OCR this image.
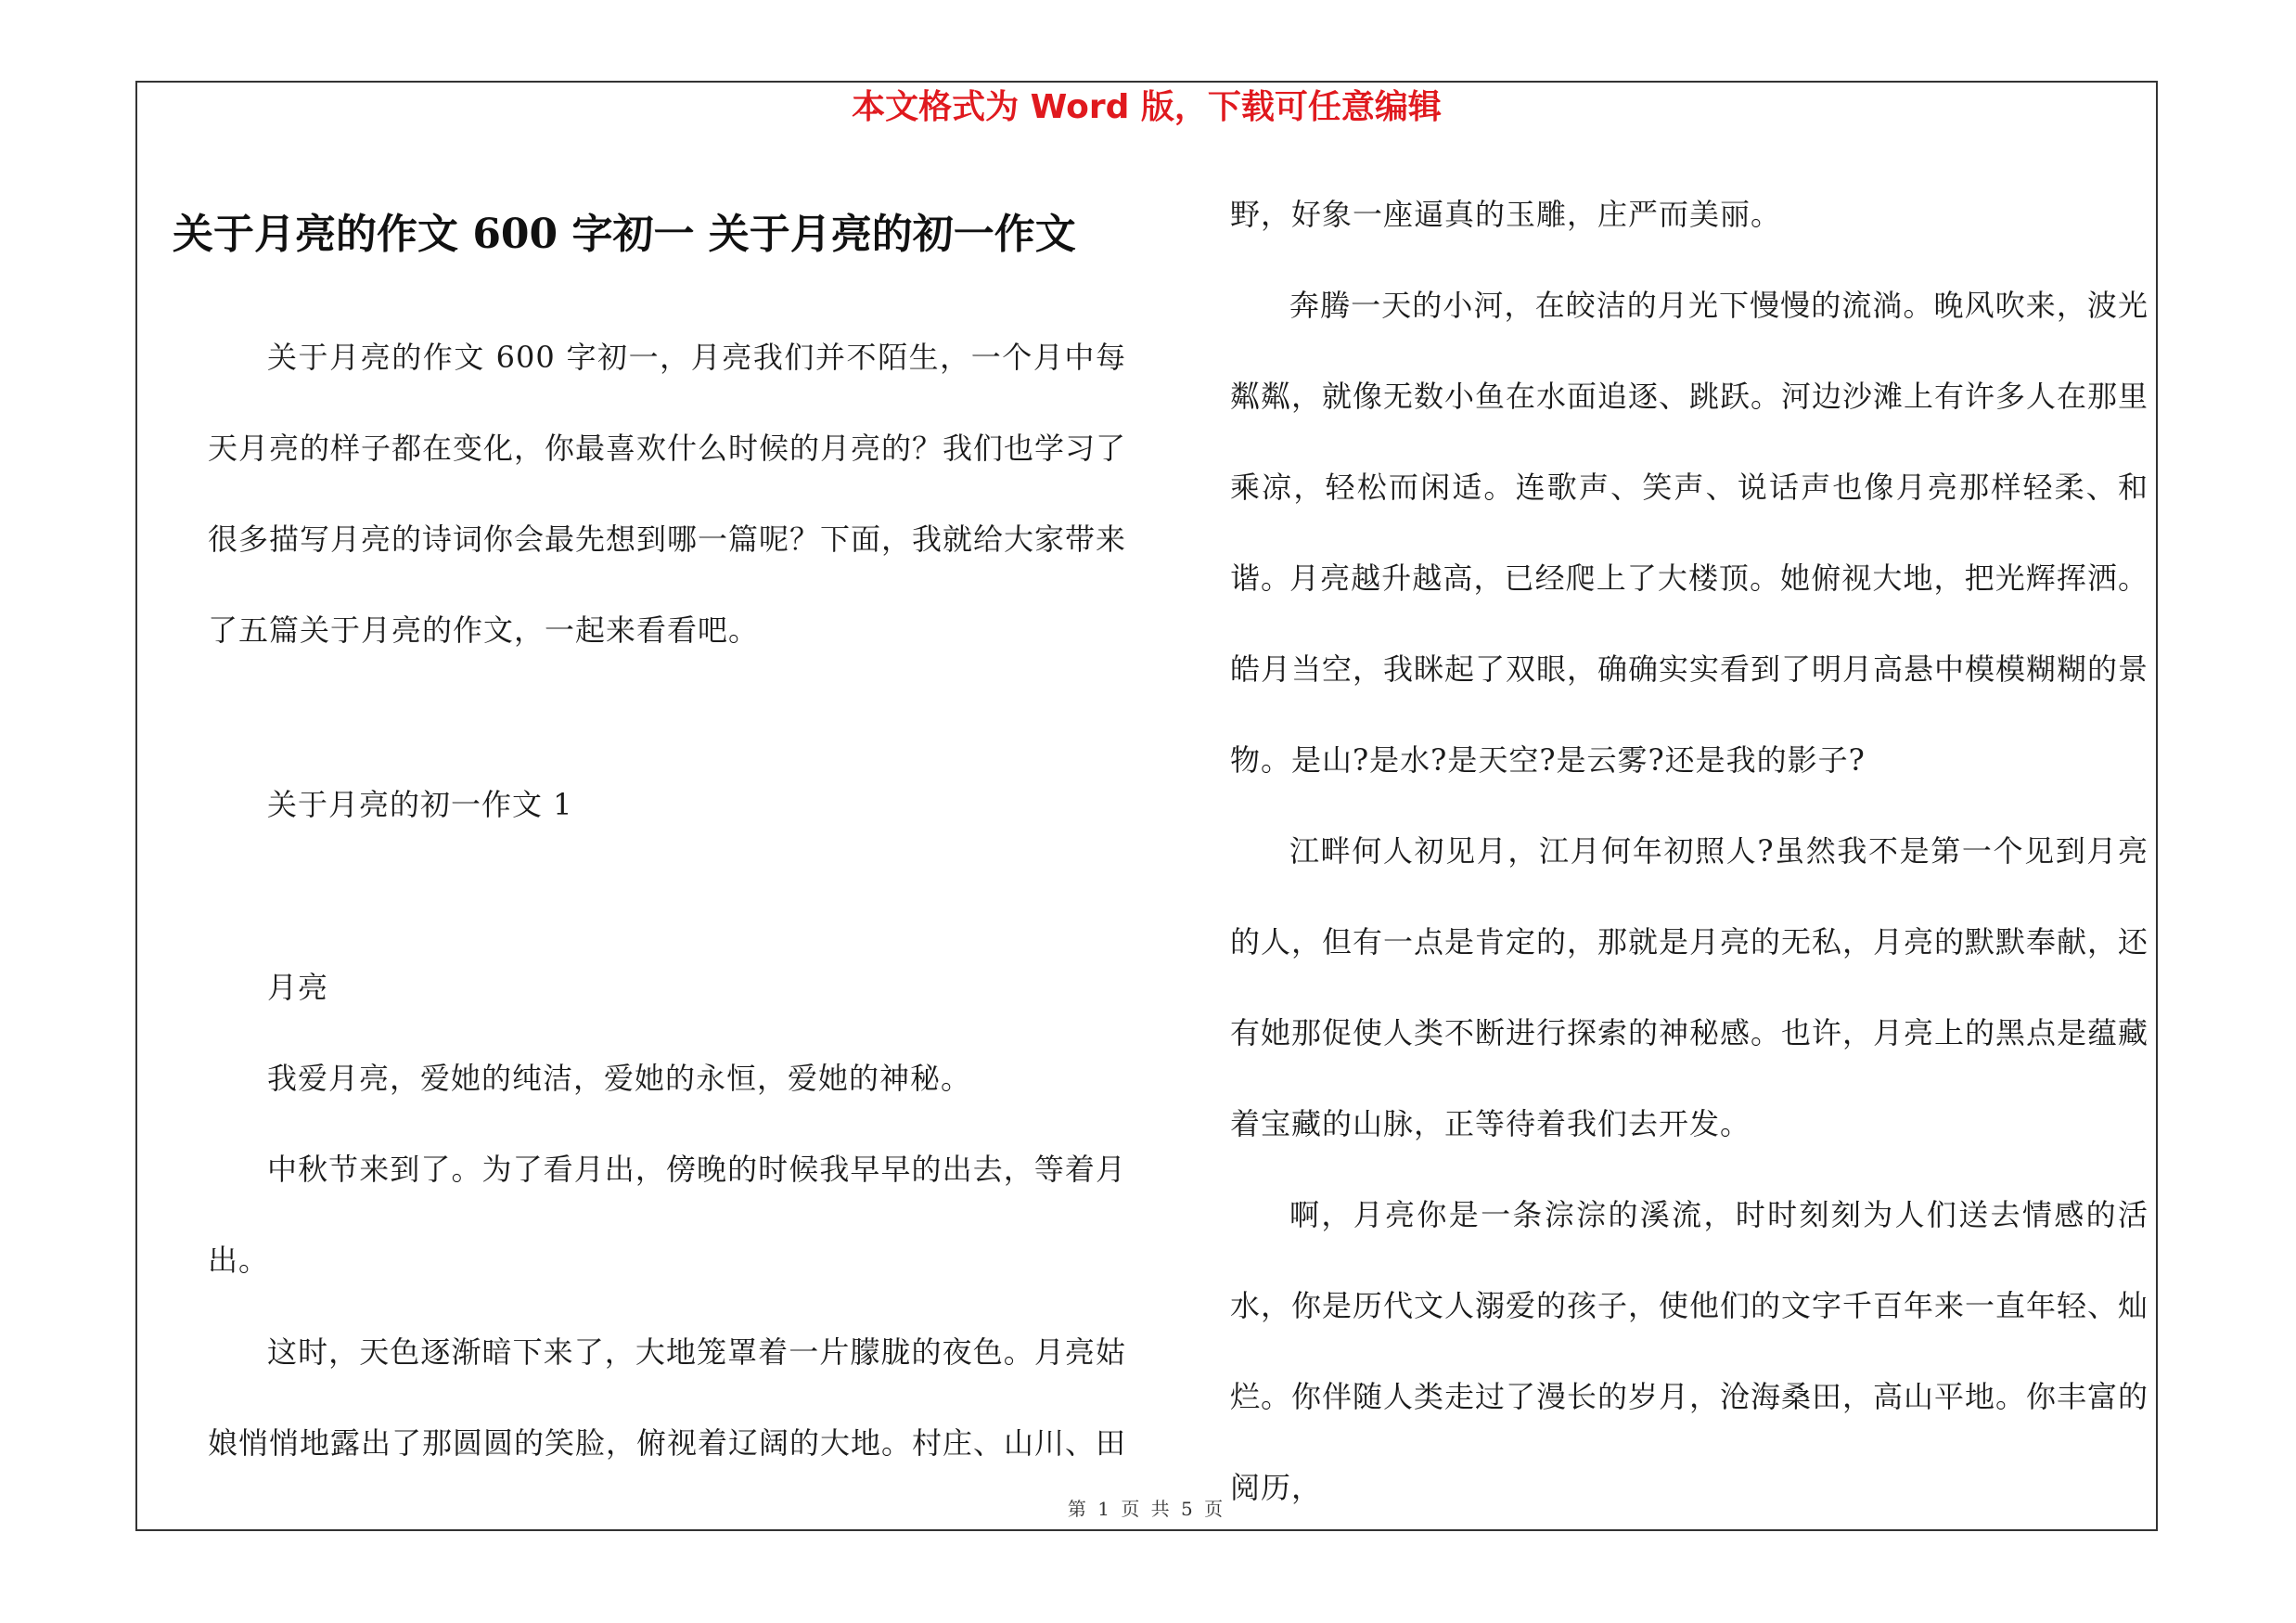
本文格式为 Word 版，下载可任意编辑
关于月亮的作文 600 字初一 关于月亮的初一作文

关于月亮的作文 600 字初一，月亮我们并不陌生，一个月中每天月亮的样子都在变化，你最喜欢什么时候的月亮的？我们也学习了很多描写月亮的诗词你会最先想到哪一篇呢？下面，我就给大家带来了五篇关于月亮的作文，一起来看看吧。

关于月亮的初一作文 1

月亮

我爱月亮，爱她的纯洁，爱她的永恒，爱她的神秘。

中秋节来到了。为了看月出，傍晚的时候我早早的出去，等着月出。

这时，天色逐渐暗下来了，大地笼罩着一片朦胧的夜色。月亮姑娘悄悄地露出了那圆圆的笑脸，俯视着辽阔的大地。村庄、山川、田

野，好象一座逼真的玉雕，庄严而美丽。

奔腾一天的小河，在皎洁的月光下慢慢的流淌。晚风吹来，波光粼粼，就像无数小鱼在水面追逐、跳跃。河边沙滩上有许多人在那里乘凉，轻松而闲适。连歌声、笑声、说话声也像月亮那样轻柔、和谐。

月亮越升越高，已经爬上了大楼顶。她俯视大地，把光辉挥洒。皓月当空，我眯起了双眼，确确实实看到了明月高悬中模模糊糊的景物。是山?是水?是天空?是云雾?还是我的影子?

江畔何人初见月，江月何年初照人?虽然我不是第一个见到月亮的人，但有一点是肯定的，那就是月亮的无私，月亮的默默奉献，还有她那促使人类不断进行探索的神秘感。也许，月亮上的黑点是蕴藏着宝藏的山脉，正等待着我们去开发。

啊，月亮你是一条淙淙的溪流，时时刻刻为人们送去情感的活水，你是历代文人溺爱的孩子，使他们的文字千百年来一直年轻、灿烂。你伴随人类走过了漫长的岁月，沧海桑田，高山平地。你丰富的阅历，

第 1 页 共 5 页
